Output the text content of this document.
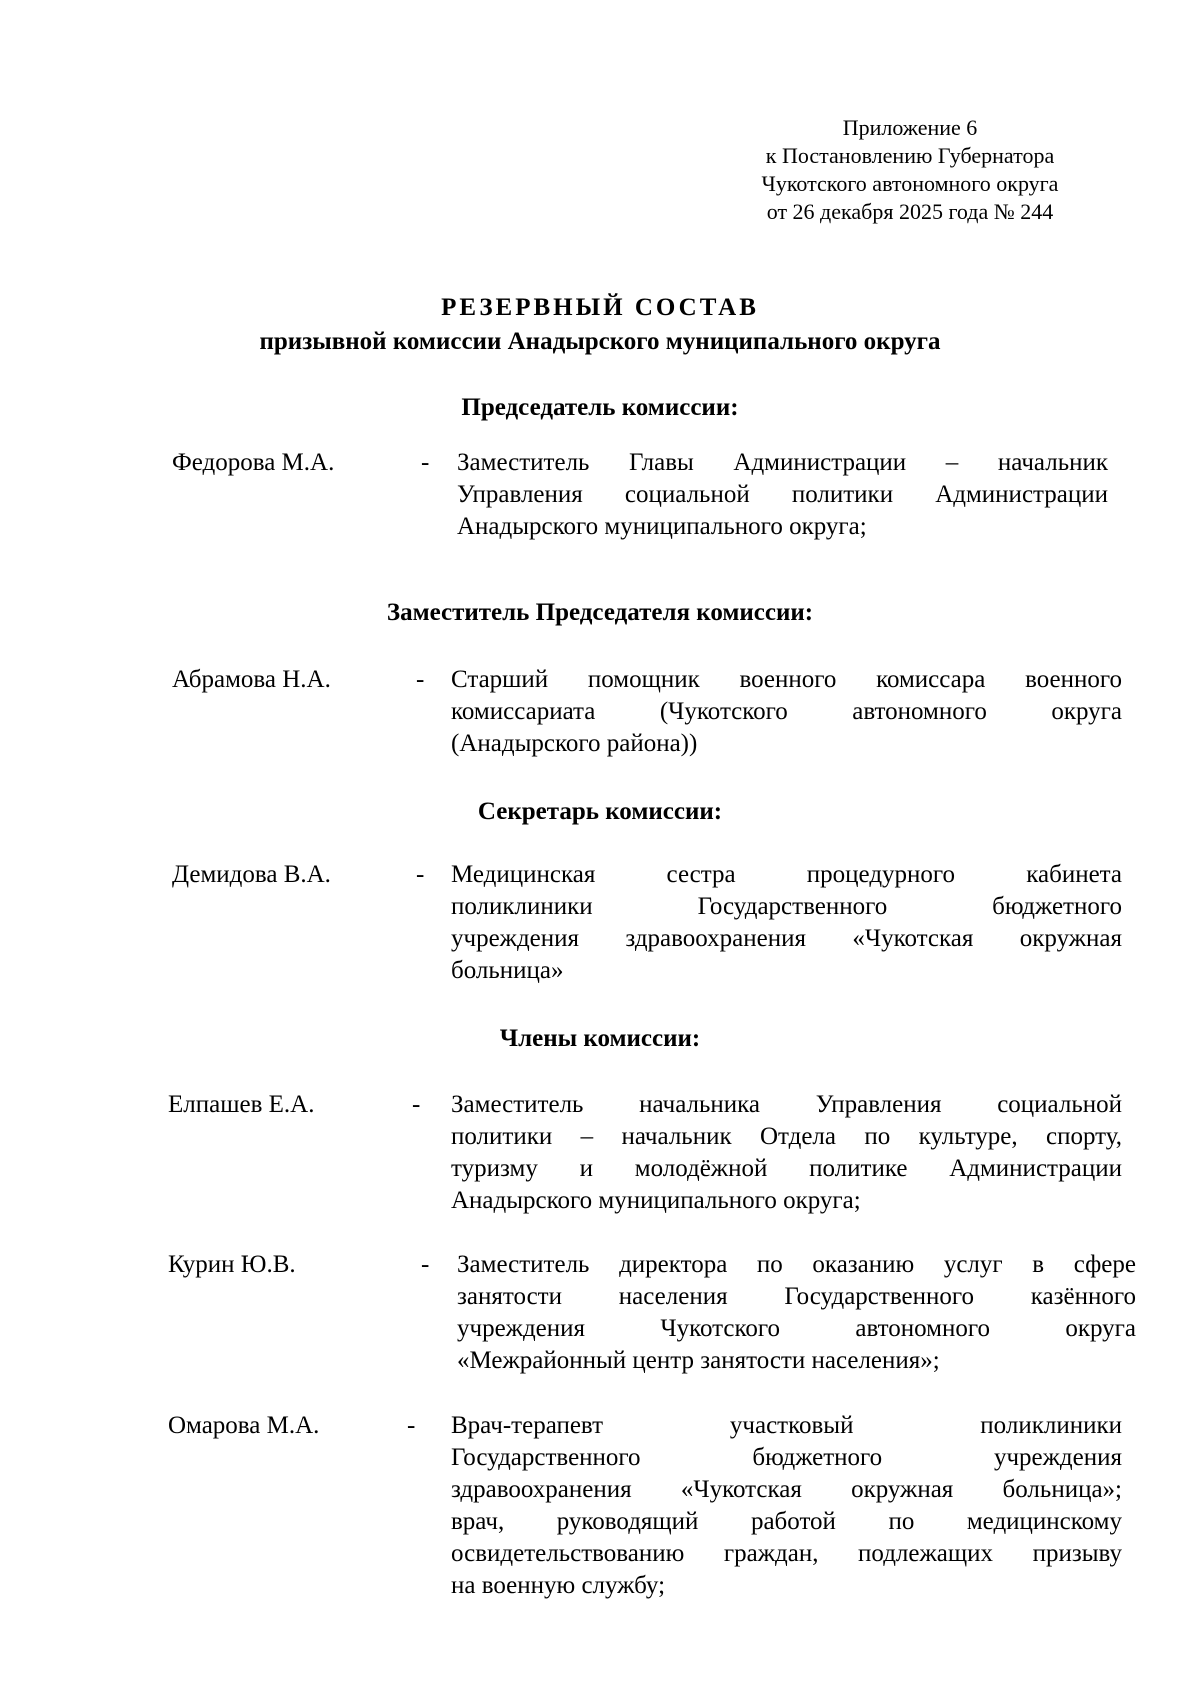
Приложение 6
к Постановлению Губернатора
Чукотского автономного округа
от 26 декабря 2025 года № 244
РЕЗЕРВНЫЙ СОСТАВ
призывной комиссии Анадырского муниципального округа
Председатель комиссии:
Федорова М.А.	- Заместитель Главы Администрации – начальник
Управления социальной политики Администрации
Анадырского муниципального округа;
Заместитель Председателя комиссии:
Абрамова Н.А.	- Старший помощник военного комиссара военного
комиссариата (Чукотского автономного округа
(Анадырского района))
Секретарь комиссии:
Демидова В.А.	- Медицинская сестра процедурного кабинета
поликлиники Государственного бюджетного
учреждения здравоохранения «Чукотская окружная
больница»
Члены комиссии:
Елпашев Е.А.	- Заместитель начальника Управления социальной
политики – начальник Отдела по культуре, спорту,
туризму и молодёжной политике Администрации
Анадырского муниципального округа;
Курин Ю.В.	- Заместитель директора по оказанию услуг в сфере
занятости населения Государственного казённого
учреждения Чукотского автономного округа
«Межрайонный центр занятости населения»;
Омарова М.А.	- Врач-терапевт участковый поликлиники
Государственного бюджетного учреждения
здравоохранения «Чукотская окружная больница»;
врач, руководящий работой по медицинскому
освидетельствованию граждан, подлежащих призыву
на военную службу;
